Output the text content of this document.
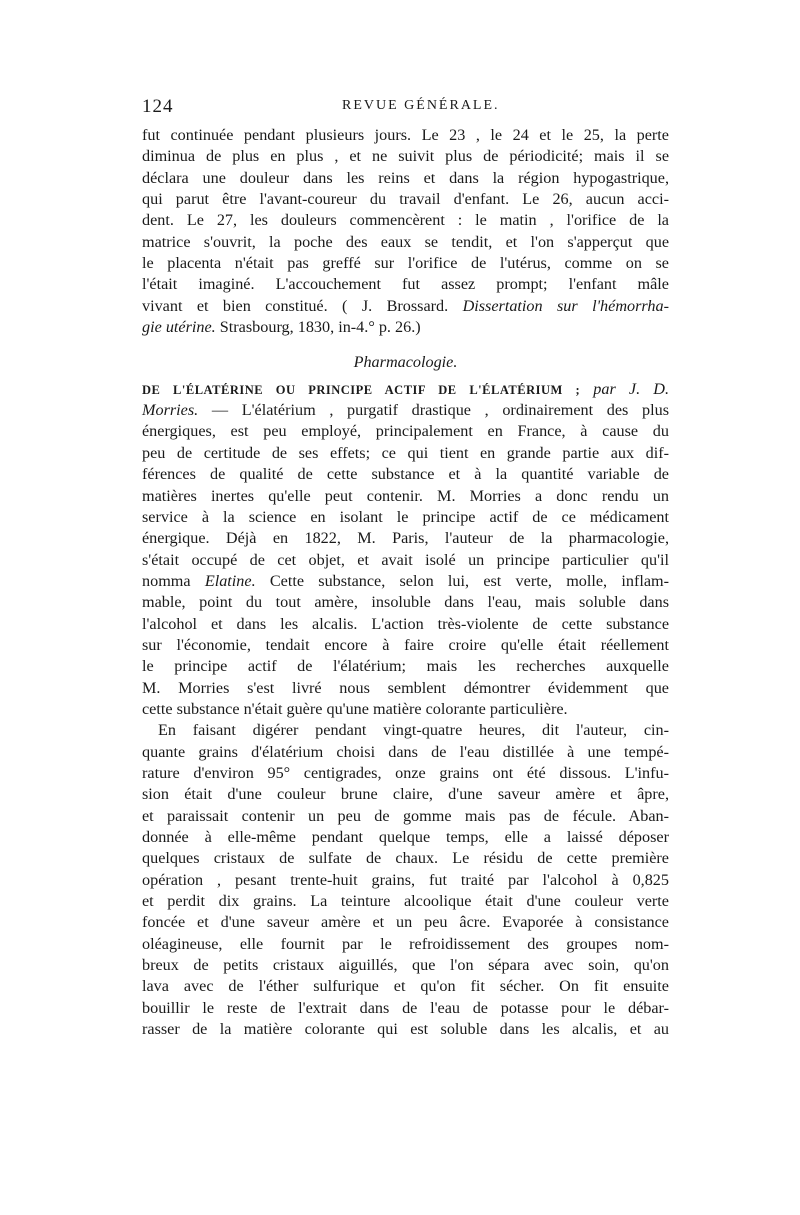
124	REVUE GÉNÉRALE.
fut continuée pendant plusieurs jours. Le 23 , le 24 et le 25, la perte
diminua de plus en plus , et ne suivit plus de périodicité; mais il se
déclara une douleur dans les reins et dans la région hypogastrique,
qui parut être l'avant-coureur du travail d'enfant. Le 26, aucun acci-
dent. Le 27, les douleurs commencèrent : le matin , l'orifice de la
matrice s'ouvrit, la poche des eaux se tendit, et l'on s'apperçut que
le placenta n'était pas greffé sur l'orifice de l'utérus, comme on se
l'était imaginé. L'accouchement fut assez prompt; l'enfant mâle
vivant et bien constitué. ( J. Brossard. Dissertation sur l'hémorrha-
gie utérine. Strasbourg, 1830, in-4.° p. 26.)
Pharmacologie.
DE L'ÉLATÉRINE OU PRINCIPE ACTIF DE L'ÉLATÉRIUM ; par J. D.
Morries. — L'élatérium , purgatif drastique , ordinairement des plus
énergiques, est peu employé, principalement en France, à cause du
peu de certitude de ses effets; ce qui tient en grande partie aux dif-
férences de qualité de cette substance et à la quantité variable de
matières inertes qu'elle peut contenir. M. Morries a donc rendu un
service à la science en isolant le principe actif de ce médicament
énergique. Déjà en 1822, M. Paris, l'auteur de la pharmacologie,
s'était occupé de cet objet, et avait isolé un principe particulier qu'il
nomma Elatine. Cette substance, selon lui, est verte, molle, inflam-
mable, point du tout amère, insoluble dans l'eau, mais soluble dans
l'alcohol et dans les alcalis. L'action très-violente de cette substance
sur l'économie, tendait encore à faire croire qu'elle était réellement
le principe actif de l'élatérium; mais les recherches auxquelle
M. Morries s'est livré nous semblent démontrer évidemment que
cette substance n'était guère qu'une matière colorante particulière.
En faisant digérer pendant vingt-quatre heures, dit l'auteur, cin-
quante grains d'élatérium choisi dans de l'eau distillée à une tempé-
rature d'environ 95° centigrades, onze grains ont été dissous. L'infu-
sion était d'une couleur brune claire, d'une saveur amère et âpre,
et paraissait contenir un peu de gomme mais pas de fécule. Aban-
donnée à elle-même pendant quelque temps, elle a laissé déposer
quelques cristaux de sulfate de chaux. Le résidu de cette première
opération , pesant trente-huit grains, fut traité par l'alcohol à 0,825
et perdit dix grains. La teinture alcoolique était d'une couleur verte
foncée et d'une saveur amère et un peu âcre. Evaporée à consistance
oléagineuse, elle fournit par le refroidissement des groupes nom-
breux de petits cristaux aiguillés, que l'on sépara avec soin, qu'on
lava avec de l'éther sulfurique et qu'on fit sécher. On fit ensuite
bouillir le reste de l'extrait dans de l'eau de potasse pour le débar-
rasser de la matière colorante qui est soluble dans les alcalis, et au
